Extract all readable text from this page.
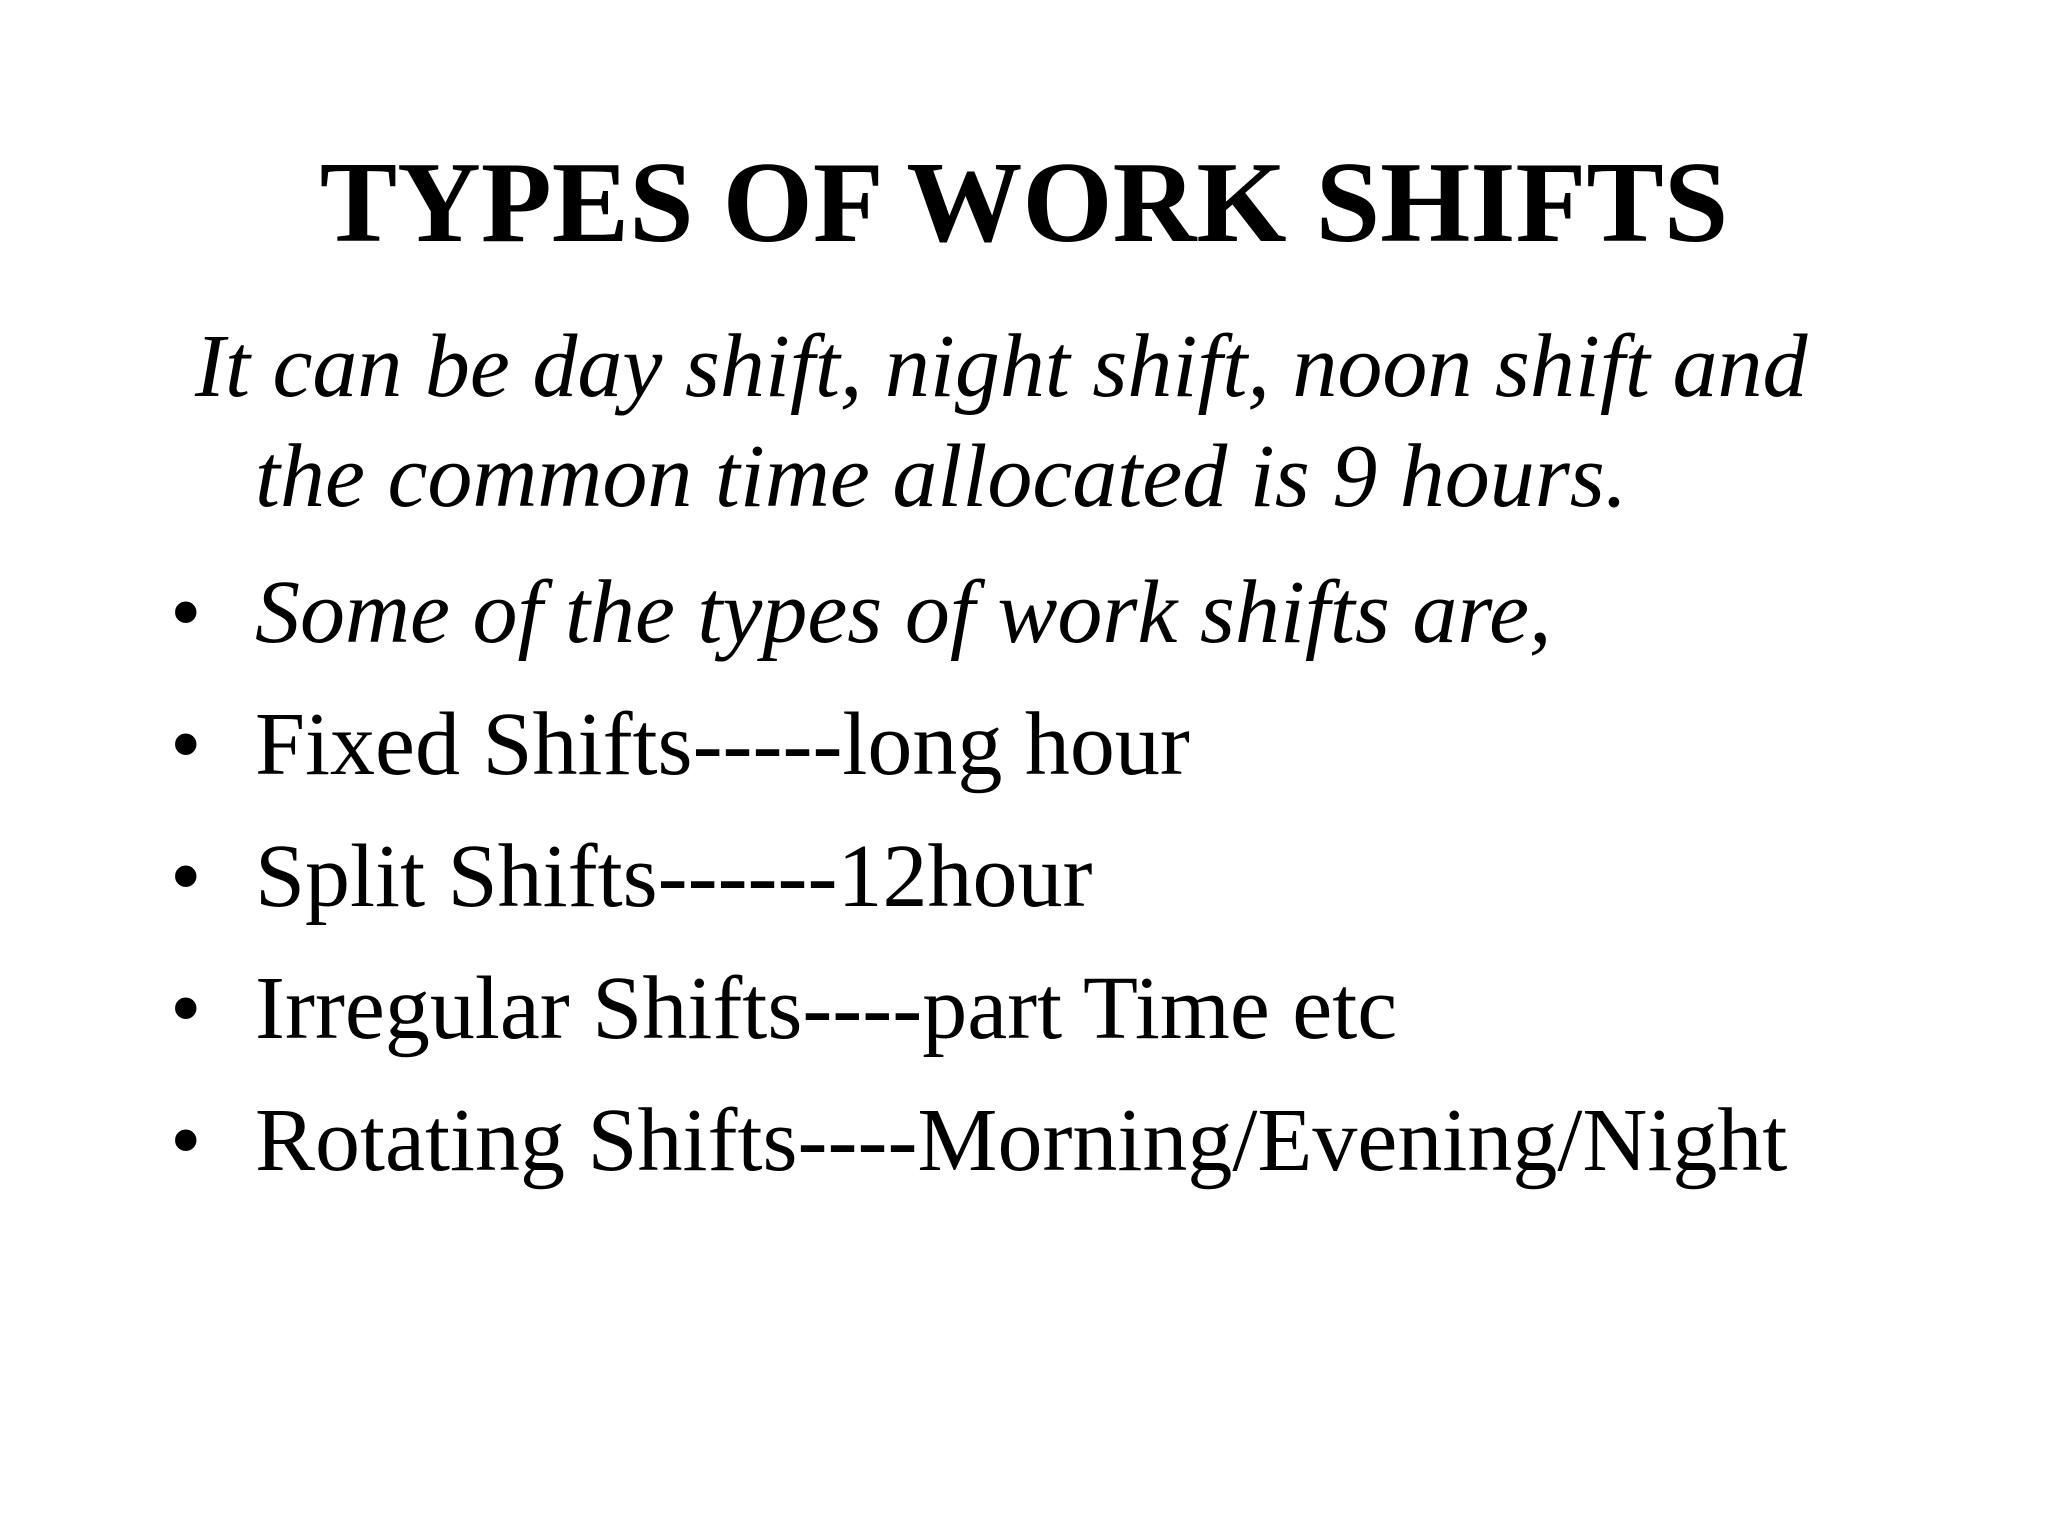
TYPES OF WORK SHIFTS

It can be day shift, night shift, noon shift and
the common time allocated is 9 hours.

• Some of the types of work shifts are,
• Fixed Shifts-----long hour
• Split Shifts------12hour
• Irregular Shifts----part Time etc
• Rotating Shifts----Morning/Evening/Night
